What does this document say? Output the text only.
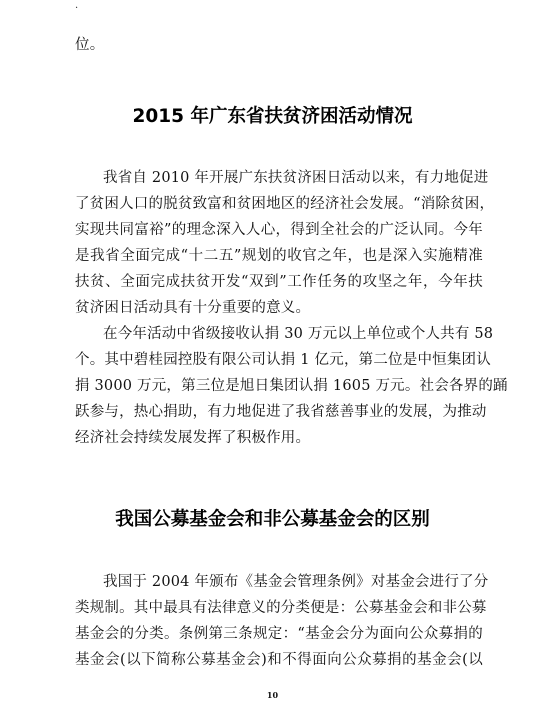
·
位。
2015 年广东省扶贫济困活动情况
我省自 2010 年开展广东扶贫济困日活动以来，有力地促进
了贫困人口的脱贫致富和贫困地区的经济社会发展。“消除贫困，
实现共同富裕”的理念深入人心，得到全社会的广泛认同。今年
是我省全面完成“十二五”规划的收官之年，也是深入实施精准
扶贫、全面完成扶贫开发“双到”工作任务的攻坚之年，今年扶
贫济困日活动具有十分重要的意义。
在今年活动中省级接收认捐 30 万元以上单位或个人共有 58
个。其中碧桂园控股有限公司认捐 1 亿元，第二位是中恒集团认
捐 3000 万元，第三位是旭日集团认捐 1605 万元。社会各界的踊
跃参与，热心捐助，有力地促进了我省慈善事业的发展，为推动
经济社会持续发展发挥了积极作用。
我国公募基金会和非公募基金会的区别
我国于 2004 年颁布《基金会管理条例》对基金会进行了分
类规制。其中最具有法律意义的分类便是：公募基金会和非公募
基金会的分类。条例第三条规定：“基金会分为面向公众募捐的
基金会(以下简称公募基金会)和不得面向公众募捐的基金会(以
10
